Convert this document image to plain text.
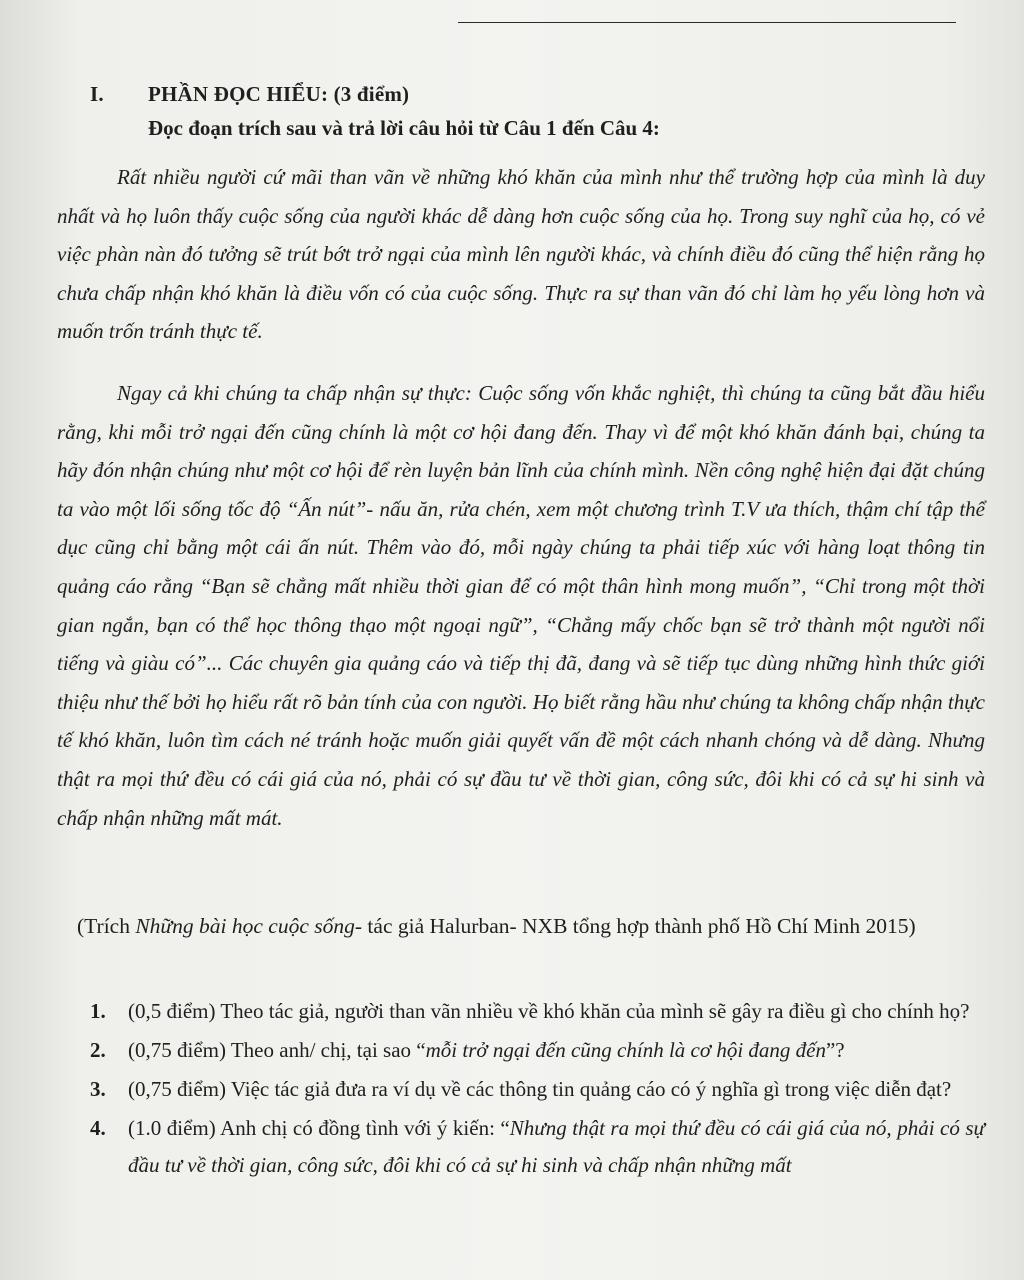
I. PHẦN ĐỌC HIỂU: (3 điểm)
Đọc đoạn trích sau và trả lời câu hỏi từ Câu 1 đến Câu 4:

Rất nhiều người cứ mãi than vãn về những khó khăn của mình như thể trường hợp của mình là duy nhất và họ luôn thấy cuộc sống của người khác dễ dàng hơn cuộc sống của họ. Trong suy nghĩ của họ, có vẻ việc phàn nàn đó tưởng sẽ trút bớt trở ngại của mình lên người khác, và chính điều đó cũng thể hiện rằng họ chưa chấp nhận khó khăn là điều vốn có của cuộc sống. Thực ra sự than vãn đó chỉ làm họ yếu lòng hơn và muốn trốn tránh thực tế.

Ngay cả khi chúng ta chấp nhận sự thực: Cuộc sống vốn khắc nghiệt, thì chúng ta cũng bắt đầu hiểu rằng, khi mỗi trở ngại đến cũng chính là một cơ hội đang đến. Thay vì để một khó khăn đánh bại, chúng ta hãy đón nhận chúng như một cơ hội để rèn luyện bản lĩnh của chính mình. Nền công nghệ hiện đại đặt chúng ta vào một lối sống tốc độ “Ấn nút”- nấu ăn, rửa chén, xem một chương trình T.V ưa thích, thậm chí tập thể dục cũng chỉ bằng một cái ấn nút. Thêm vào đó, mỗi ngày chúng ta phải tiếp xúc với hàng loạt thông tin quảng cáo rằng “Bạn sẽ chẳng mất nhiều thời gian để có một thân hình mong muốn”, “Chỉ trong một thời gian ngắn, bạn có thể học thông thạo một ngoại ngữ”, “Chẳng mấy chốc bạn sẽ trở thành một người nổi tiếng và giàu có”... Các chuyên gia quảng cáo và tiếp thị đã, đang và sẽ tiếp tục dùng những hình thức giới thiệu như thế bởi họ hiểu rất rõ bản tính của con người. Họ biết rằng hầu như chúng ta không chấp nhận thực tế khó khăn, luôn tìm cách né tránh hoặc muốn giải quyết vấn đề một cách nhanh chóng và dễ dàng. Nhưng thật ra mọi thứ đều có cái giá của nó, phải có sự đầu tư về thời gian, công sức, đôi khi có cả sự hi sinh và chấp nhận những mất mát.

(Trích Những bài học cuộc sống- tác giả Halurban- NXB tổng hợp thành phố Hồ Chí Minh 2015)

1. (0,5 điểm) Theo tác giả, người than vãn nhiều về khó khăn của mình sẽ gây ra điều gì cho chính họ?
2. (0,75 điểm) Theo anh/ chị, tại sao “mỗi trở ngại đến cũng chính là cơ hội đang đến”?
3. (0,75 điểm) Việc tác giả đưa ra ví dụ về các thông tin quảng cáo có ý nghĩa gì trong việc diễn đạt?
4. (1.0 điểm) Anh chị có đồng tình với ý kiến: “Nhưng thật ra mọi thứ đều có cái giá của nó, phải có sự đầu tư về thời gian, công sức, đôi khi có cả sự hi sinh và chấp nhận những mất
